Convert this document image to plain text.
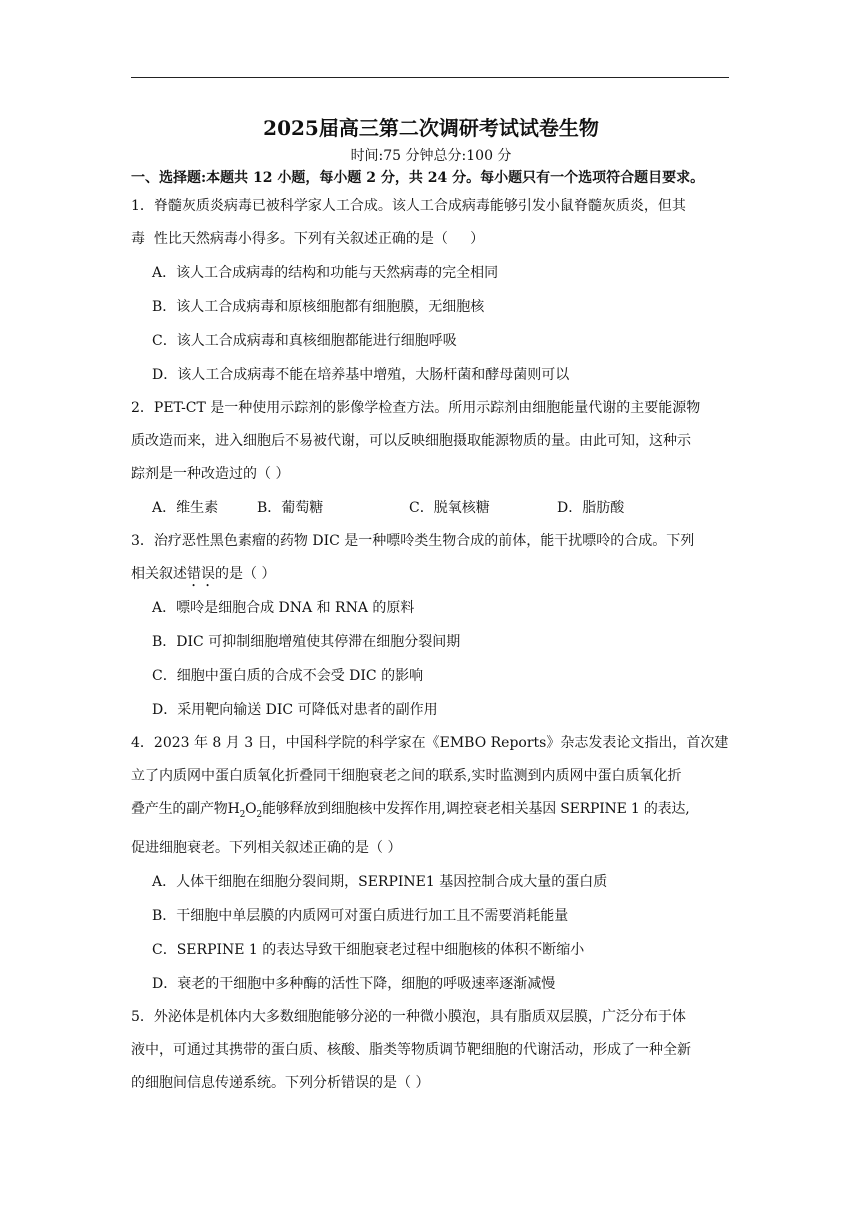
2025届高三第二次调研考试试卷生物

时间:75 分钟总分:100 分

一、选择题:本题共 12 小题，每小题 2 分，共 24 分。每小题只有一个选项符合题目要求。

1．脊髓灰质炎病毒已被科学家人工合成。该人工合成病毒能够引发小鼠脊髓灰质炎，但其

毒  性比天然病毒小得多。下列有关叙述正确的是（     ）

A．该人工合成病毒的结构和功能与天然病毒的完全相同

B．该人工合成病毒和原核细胞都有细胞膜，无细胞核

C．该人工合成病毒和真核细胞都能进行细胞呼吸

D．该人工合成病毒不能在培养基中增殖，大肠杆菌和酵母菌则可以

2．PET-CT 是一种使用示踪剂的影像学检查方法。所用示踪剂由细胞能量代谢的主要能源物

质改造而来，进入细胞后不易被代谢，可以反映细胞摄取能源物质的量。由此可知，这种示

踪剂是一种改造过的（ ）

A．维生素	B．葡萄糖	C．脱氧核糖	D．脂肪酸

3．治疗恶性黑色素瘤的药物 DIC 是一种嘌呤类生物合成的前体，能干扰嘌呤的合成。下列

相关叙述错误的是（ ）

A．嘌呤是细胞合成 DNA 和 RNA 的原料

B．DIC 可抑制细胞增殖使其停滞在细胞分裂间期

C．细胞中蛋白质的合成不会受 DIC 的影响

D．采用靶向输送 DIC 可降低对患者的副作用

4．2023 年 8 月 3 日，中国科学院的科学家在《EMBO Reports》杂志发表论文指出，首次建

立了内质网中蛋白质氧化折叠同干细胞衰老之间的联系,实时监测到内质网中蛋白质氧化折

叠产生的副产物$H_2O_2$能够释放到细胞核中发挥作用,调控衰老相关基因 SERPINE 1 的表达,

促进细胞衰老。下列相关叙述正确的是（ ）

A．人体干细胞在细胞分裂间期，SERPINE1 基因控制合成大量的蛋白质

B．干细胞中单层膜的内质网可对蛋白质进行加工且不需要消耗能量

C．SERPINE 1 的表达导致干细胞衰老过程中细胞核的体积不断缩小

D．衰老的干细胞中多种酶的活性下降，细胞的呼吸速率逐渐减慢

5．外泌体是机体内大多数细胞能够分泌的一种微小膜泡，具有脂质双层膜，广泛分布于体

液中，可通过其携带的蛋白质、核酸、脂类等物质调节靶细胞的代谢活动，形成了一种全新

的细胞间信息传递系统。下列分析错误的是（ ）
